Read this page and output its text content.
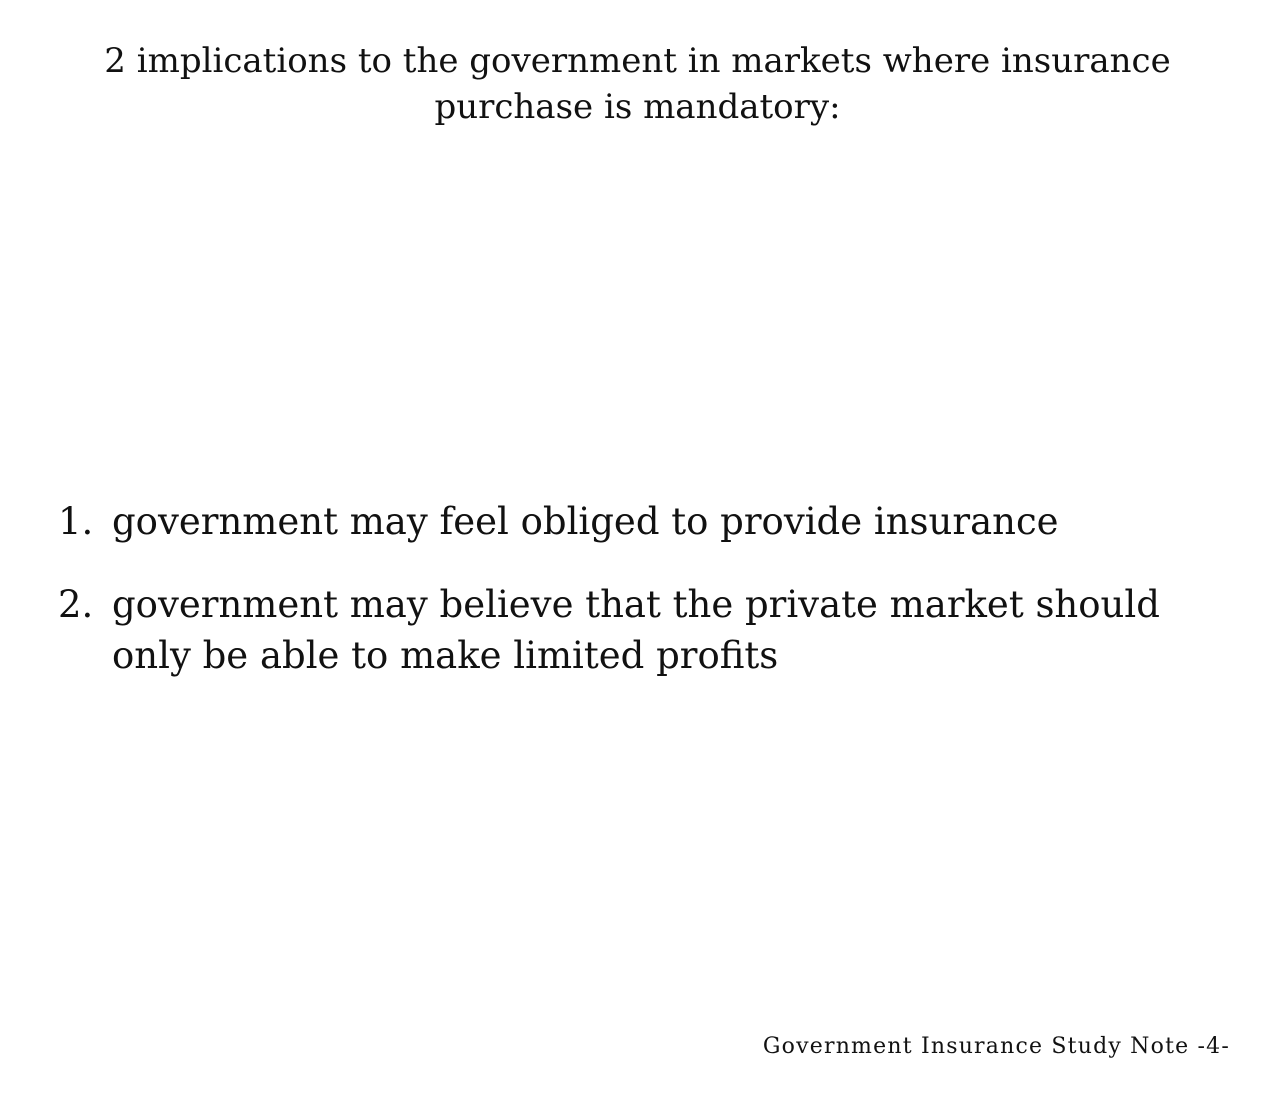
2 implications to the government in markets where insurance purchase is mandatory:
1. government may feel obliged to provide insurance
2. government may believe that the private market should only be able to make limited profits
Government Insurance Study Note -4-
